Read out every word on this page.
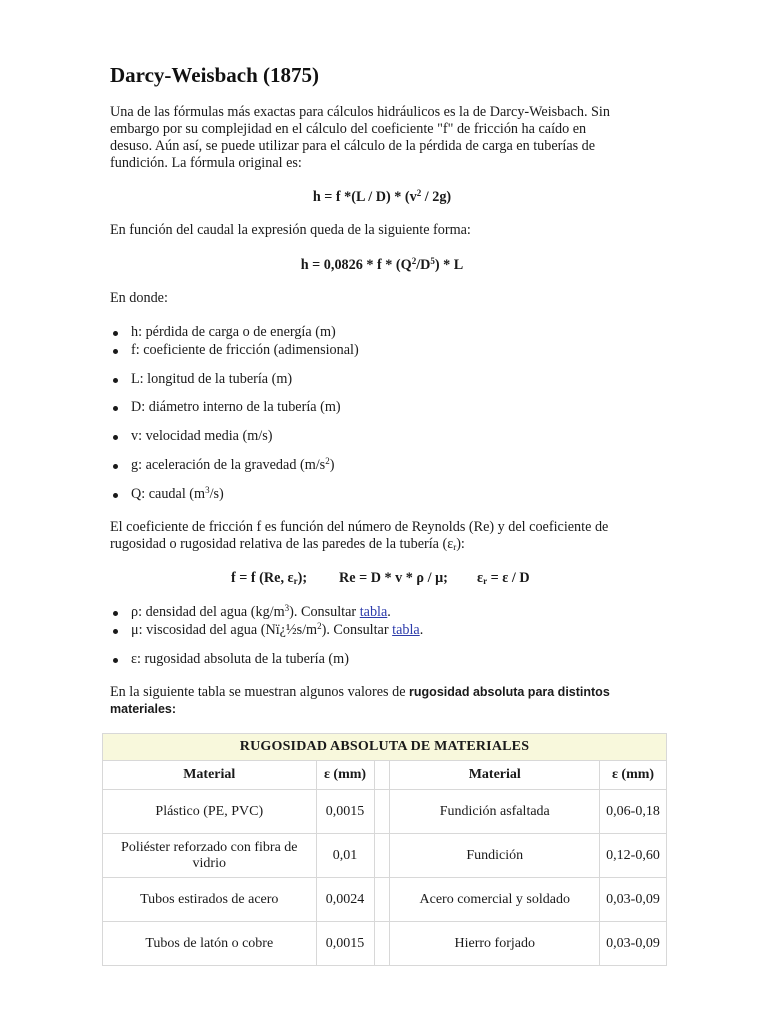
Darcy-Weisbach (1875)
Una de las fórmulas más exactas para cálculos hidráulicos es la de Darcy-Weisbach. Sin
embargo por su complejidad en el cálculo del coeficiente "f" de fricción ha caído en
desuso. Aún así, se puede utilizar para el cálculo de la pérdida de carga en tuberías de
fundición. La fórmula original es:
h = f $*(L / D) * (v^2 / 2g)$
En función del caudal la expresión queda de la siguiente forma:
$h = 0,0826 * f * (Q^2/D^5) * L$
En donde:
h: pérdida de carga o de energía (m)
f: coeficiente de fricción (adimensional)
L: longitud de la tubería (m)
D: diámetro interno de la tubería (m)
v: velocidad media (m/s)
g: aceleración de la gravedad $(m/s^2)$
Q: caudal $(m^3/s)$
El coeficiente de fricción f es función del número de Reynolds (Re) y del coeficiente de
rugosidad o rugosidad relativa de las paredes de la tubería $(\varepsilon_r)$:
f = f (Re, $\varepsilon_r$); Re = D * v * ρ / μ; $\varepsilon_r = \varepsilon / D$
ρ: densidad del agua $(kg/m^3)$. Consultar tabla.
μ: viscosidad del agua $(Nï¿\frac{1}{2}s/m^2)$. Consultar tabla.
ε: rugosidad absoluta de la tubería (m)
En la siguiente tabla se muestran algunos valores de rugosidad absoluta para distintos
materiales:
RUGOSIDAD ABSOLUTA DE MATERIALES				
Material	ε (mm)		Material	ε (mm)
Plástico (PE, PVC)	0,0015		Fundición asfaltada	0,06-0,18
Poliéster reforzado con fibra de vidrio	0,01		Fundición	0,12-0,60
Tubos estirados de acero	0,0024		Acero comercial y soldado	0,03-0,09
Tubos de latón o cobre	0,0015		Hierro forjado	0,03-0,09
